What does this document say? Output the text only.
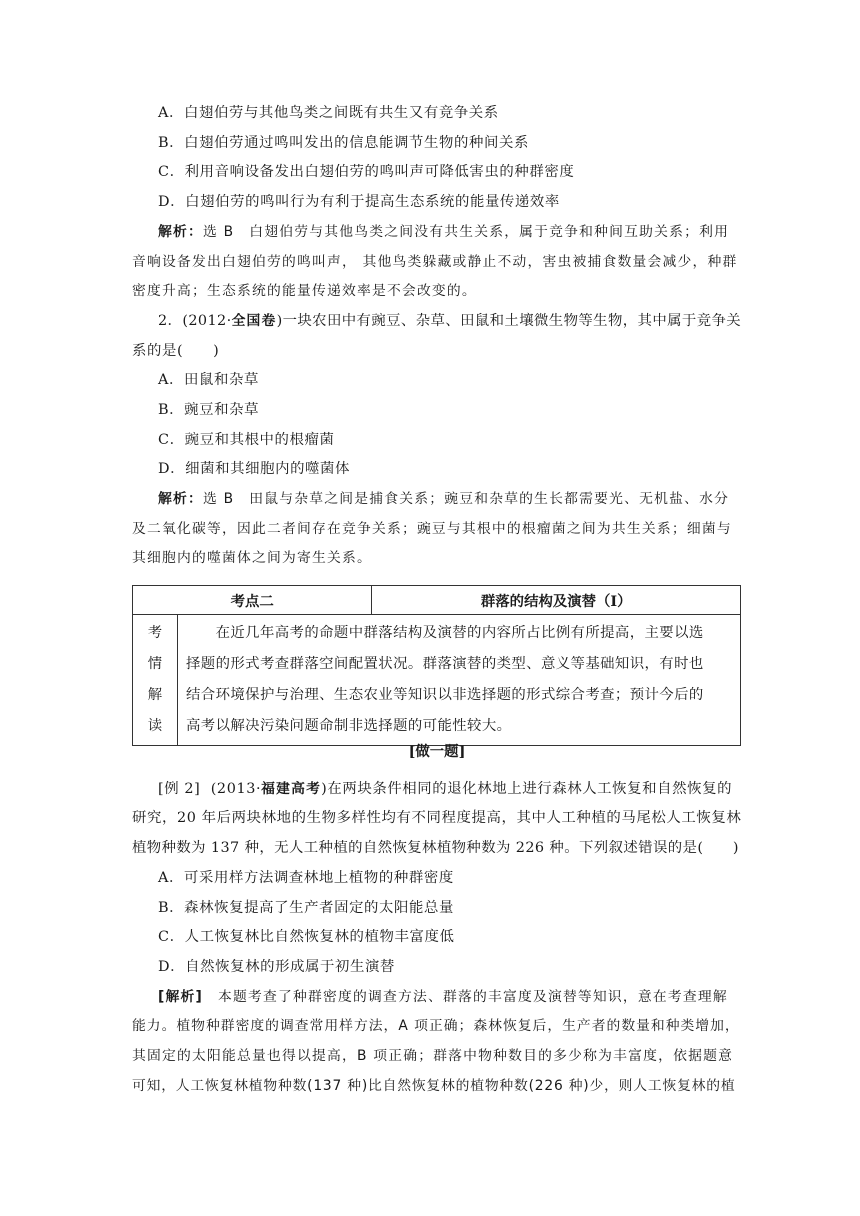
A．白翅伯劳与其他鸟类之间既有共生又有竞争关系
B．白翅伯劳通过鸣叫发出的信息能调节生物的种间关系
C．利用音响设备发出白翅伯劳的鸣叫声可降低害虫的种群密度
D．白翅伯劳的鸣叫行为有利于提高生态系统的能量传递效率
解析：选 B　白翅伯劳与其他鸟类之间没有共生关系，属于竞争和种间互助关系；利用
音响设备发出白翅伯劳的鸣叫声， 其他鸟类躲藏或静止不动，害虫被捕食数量会减少，种群
密度升高；生态系统的能量传递效率是不会改变的。
2．(2012·全国卷)一块农田中有豌豆、杂草、田鼠和土壤微生物等生物，其中属于竞争关
系的是(　　)
A．田鼠和杂草
B．豌豆和杂草
C．豌豆和其根中的根瘤菌
D．细菌和其细胞内的噬菌体
解析：选 B　田鼠与杂草之间是捕食关系；豌豆和杂草的生长都需要光、无机盐、水分
及二氧化碳等，因此二者间存在竞争关系；豌豆与其根中的根瘤菌之间为共生关系；细菌与
其细胞内的噬菌体之间为寄生关系。
考点二		群落的结构及演替（Ⅰ）

考
情
解
读	　　在近几年高考的命题中群落结构及演替的内容所占比例有所提高，主要以选
择题的形式考查群落空间配置状况。群落演替的类型、意义等基础知识，有时也
结合环境保护与治理、生态农业等知识以非选择题的形式综合考查；预计今后的
高考以解决污染问题命制非选择题的可能性较大。	
[做一题]
[例 2] (2013·福建高考)在两块条件相同的退化林地上进行森林人工恢复和自然恢复的
研究，20 年后两块林地的生物多样性均有不同程度提高，其中人工种植的马尾松人工恢复林
植物种数为 137 种，无人工种植的自然恢复林植物种数为 226 种。下列叙述错误的是(　　)
A．可采用样方法调查林地上植物的种群密度
B．森林恢复提高了生产者固定的太阳能总量
C．人工恢复林比自然恢复林的植物丰富度低
D．自然恢复林的形成属于初生演替
[解析]　本题考查了种群密度的调查方法、群落的丰富度及演替等知识，意在考查理解
能力。植物种群密度的调查常用样方法，A 项正确；森林恢复后，生产者的数量和种类增加，
其固定的太阳能总量也得以提高，B 项正确；群落中物种数目的多少称为丰富度，依据题意
可知，人工恢复林植物种数(137 种)比自然恢复林的植物种数(226 种)少，则人工恢复林的植
